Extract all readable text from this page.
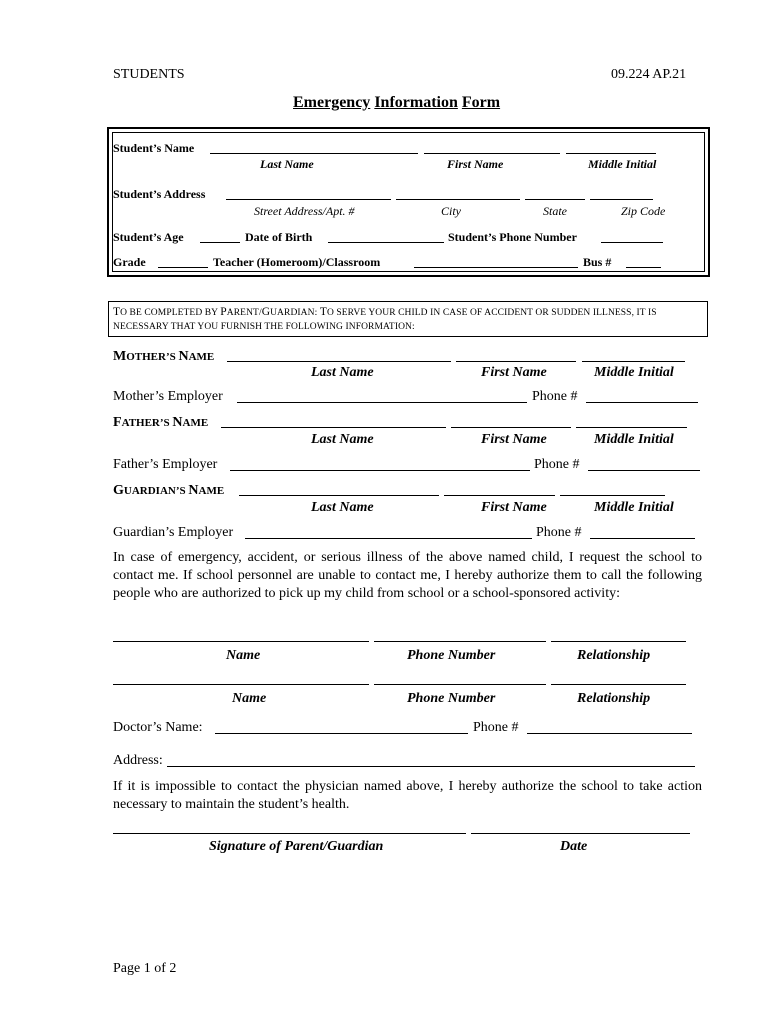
STUDENTS	09.224 AP.21
Emergency Information Form
Student’s Name
Last Name	First Name	Middle Initial
Student’s Address
Street Address/Apt. #	City	State	Zip Code
Student’s Age	Date of Birth	Student’s Phone Number
Grade	Teacher (Homeroom)/Classroom	Bus #
TO BE COMPLETED BY PARENT/GUARDIAN: TO SERVE YOUR CHILD IN CASE OF ACCIDENT OR SUDDEN ILLNESS, IT IS
NECESSARY THAT YOU FURNISH THE FOLLOWING INFORMATION:
MOTHER’S NAME
Last Name	First Name	Middle Initial
Mother’s Employer	Phone #
FATHER’S NAME
Last Name	First Name	Middle Initial
Father’s Employer	Phone #
GUARDIAN’S NAME
Last Name	First Name	Middle Initial
Guardian’s Employer	Phone #
In case of emergency, accident, or serious illness of the above named child, I request the school to contact me. If school personnel are unable to contact me, I hereby authorize them to call the following people who are authorized to pick up my child from school or a school-sponsored activity:
Name	Phone Number	Relationship
Name	Phone Number	Relationship
Doctor’s Name:	Phone #
Address:
If it is impossible to contact the physician named above, I hereby authorize the school to take action necessary to maintain the student’s health.
Signature of Parent/Guardian	Date
Page 1 of 2
